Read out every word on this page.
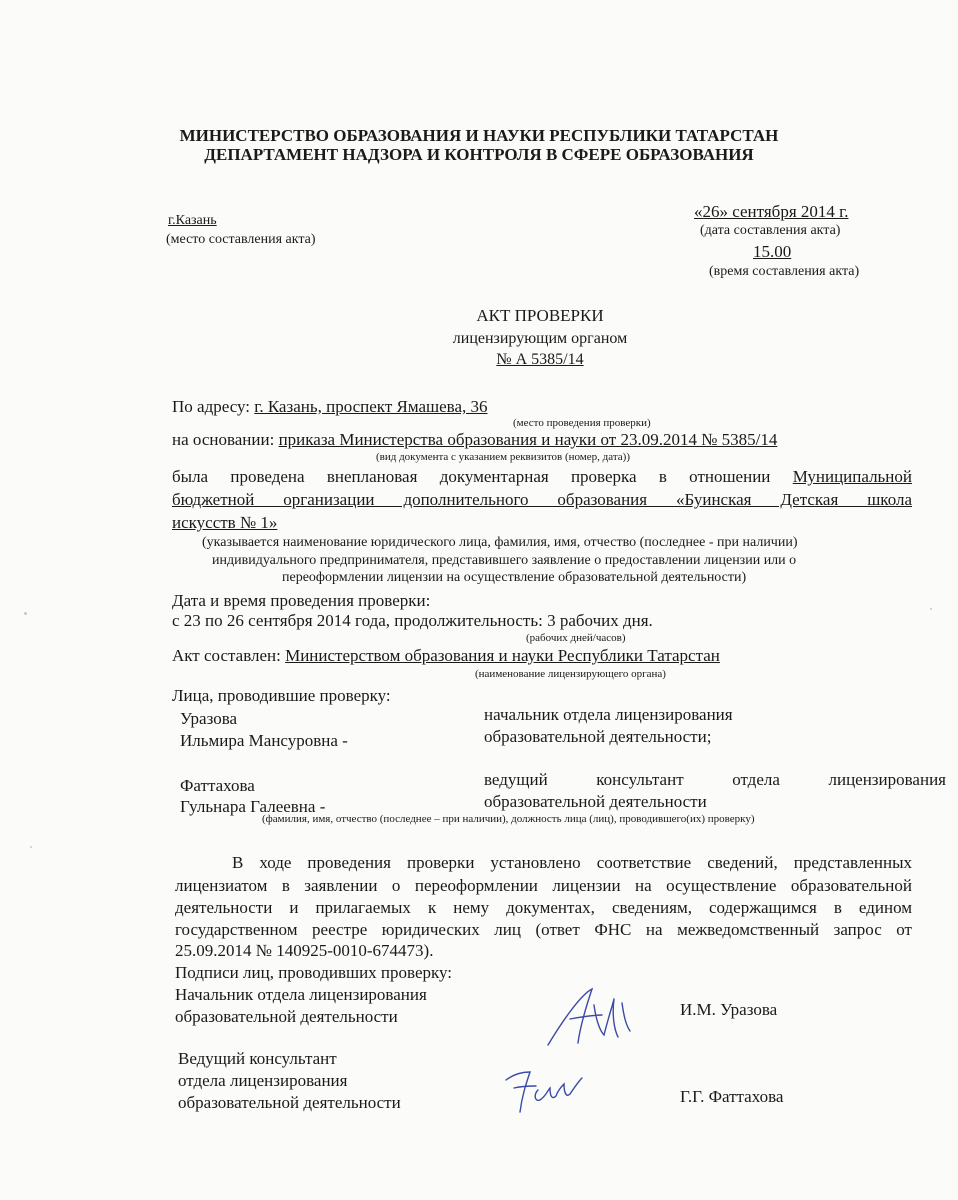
МИНИСТЕРСТВО ОБРАЗОВАНИЯ И НАУКИ РЕСПУБЛИКИ ТАТАРСТАН
ДЕПАРТАМЕНТ НАДЗОРА И КОНТРОЛЯ В СФЕРЕ ОБРАЗОВАНИЯ
г.Казань
(место составления акта)
«26» сентября 2014 г.
(дата составления акта)
15.00
(время составления акта)
АКТ ПРОВЕРКИ
лицензирующим органом
№ А 5385/14
По адресу: г. Казань, проспект Ямашева, 36
(место проведения проверки)
на основании: приказа Министерства образования и науки от 23.09.2014 № 5385/14
(вид документа с указанием реквизитов (номер, дата))
была проведена внеплановая документарная проверка в отношении Муниципальной
бюджетной организации дополнительного образования «Буинская Детская школа
искусств № 1»
(указывается наименование юридического лица, фамилия, имя, отчество (последнее - при наличии)
индивидуального предпринимателя, представившего заявление о предоставлении лицензии или о
переоформлении лицензии на осуществление образовательной деятельности)
Дата и время проведения проверки:
с 23 по 26 сентября 2014 года, продолжительность: 3 рабочих дня.
(рабочих дней/часов)
Акт составлен: Министерством образования и науки Республики Татарстан
(наименование лицензирующего органа)
Лица, проводившие проверку:
Уразова
Ильмира Мансуровна -
начальник отдела лицензирования
образовательной деятельности;
Фаттахова
Гульнара Галеевна -
ведущий консультант отдела лицензирования
образовательной деятельности
(фамилия, имя, отчество (последнее – при наличии), должность лица (лиц), проводившего(их) проверку)
В ходе проведения проверки установлено соответствие сведений, представленных
лицензиатом в заявлении о переоформлении лицензии на осуществление образовательной
деятельности и прилагаемых к нему документах, сведениям, содержащимся в едином
государственном реестре юридических лиц (ответ ФНС на межведомственный запрос от
25.09.2014 № 140925-0010-674473).
Подписи лиц, проводивших проверку:
Начальник отдела лицензирования
образовательной деятельности	И.М. Уразова
Ведущий консультант
отдела лицензирования
образовательной деятельности	Г.Г. Фаттахова
